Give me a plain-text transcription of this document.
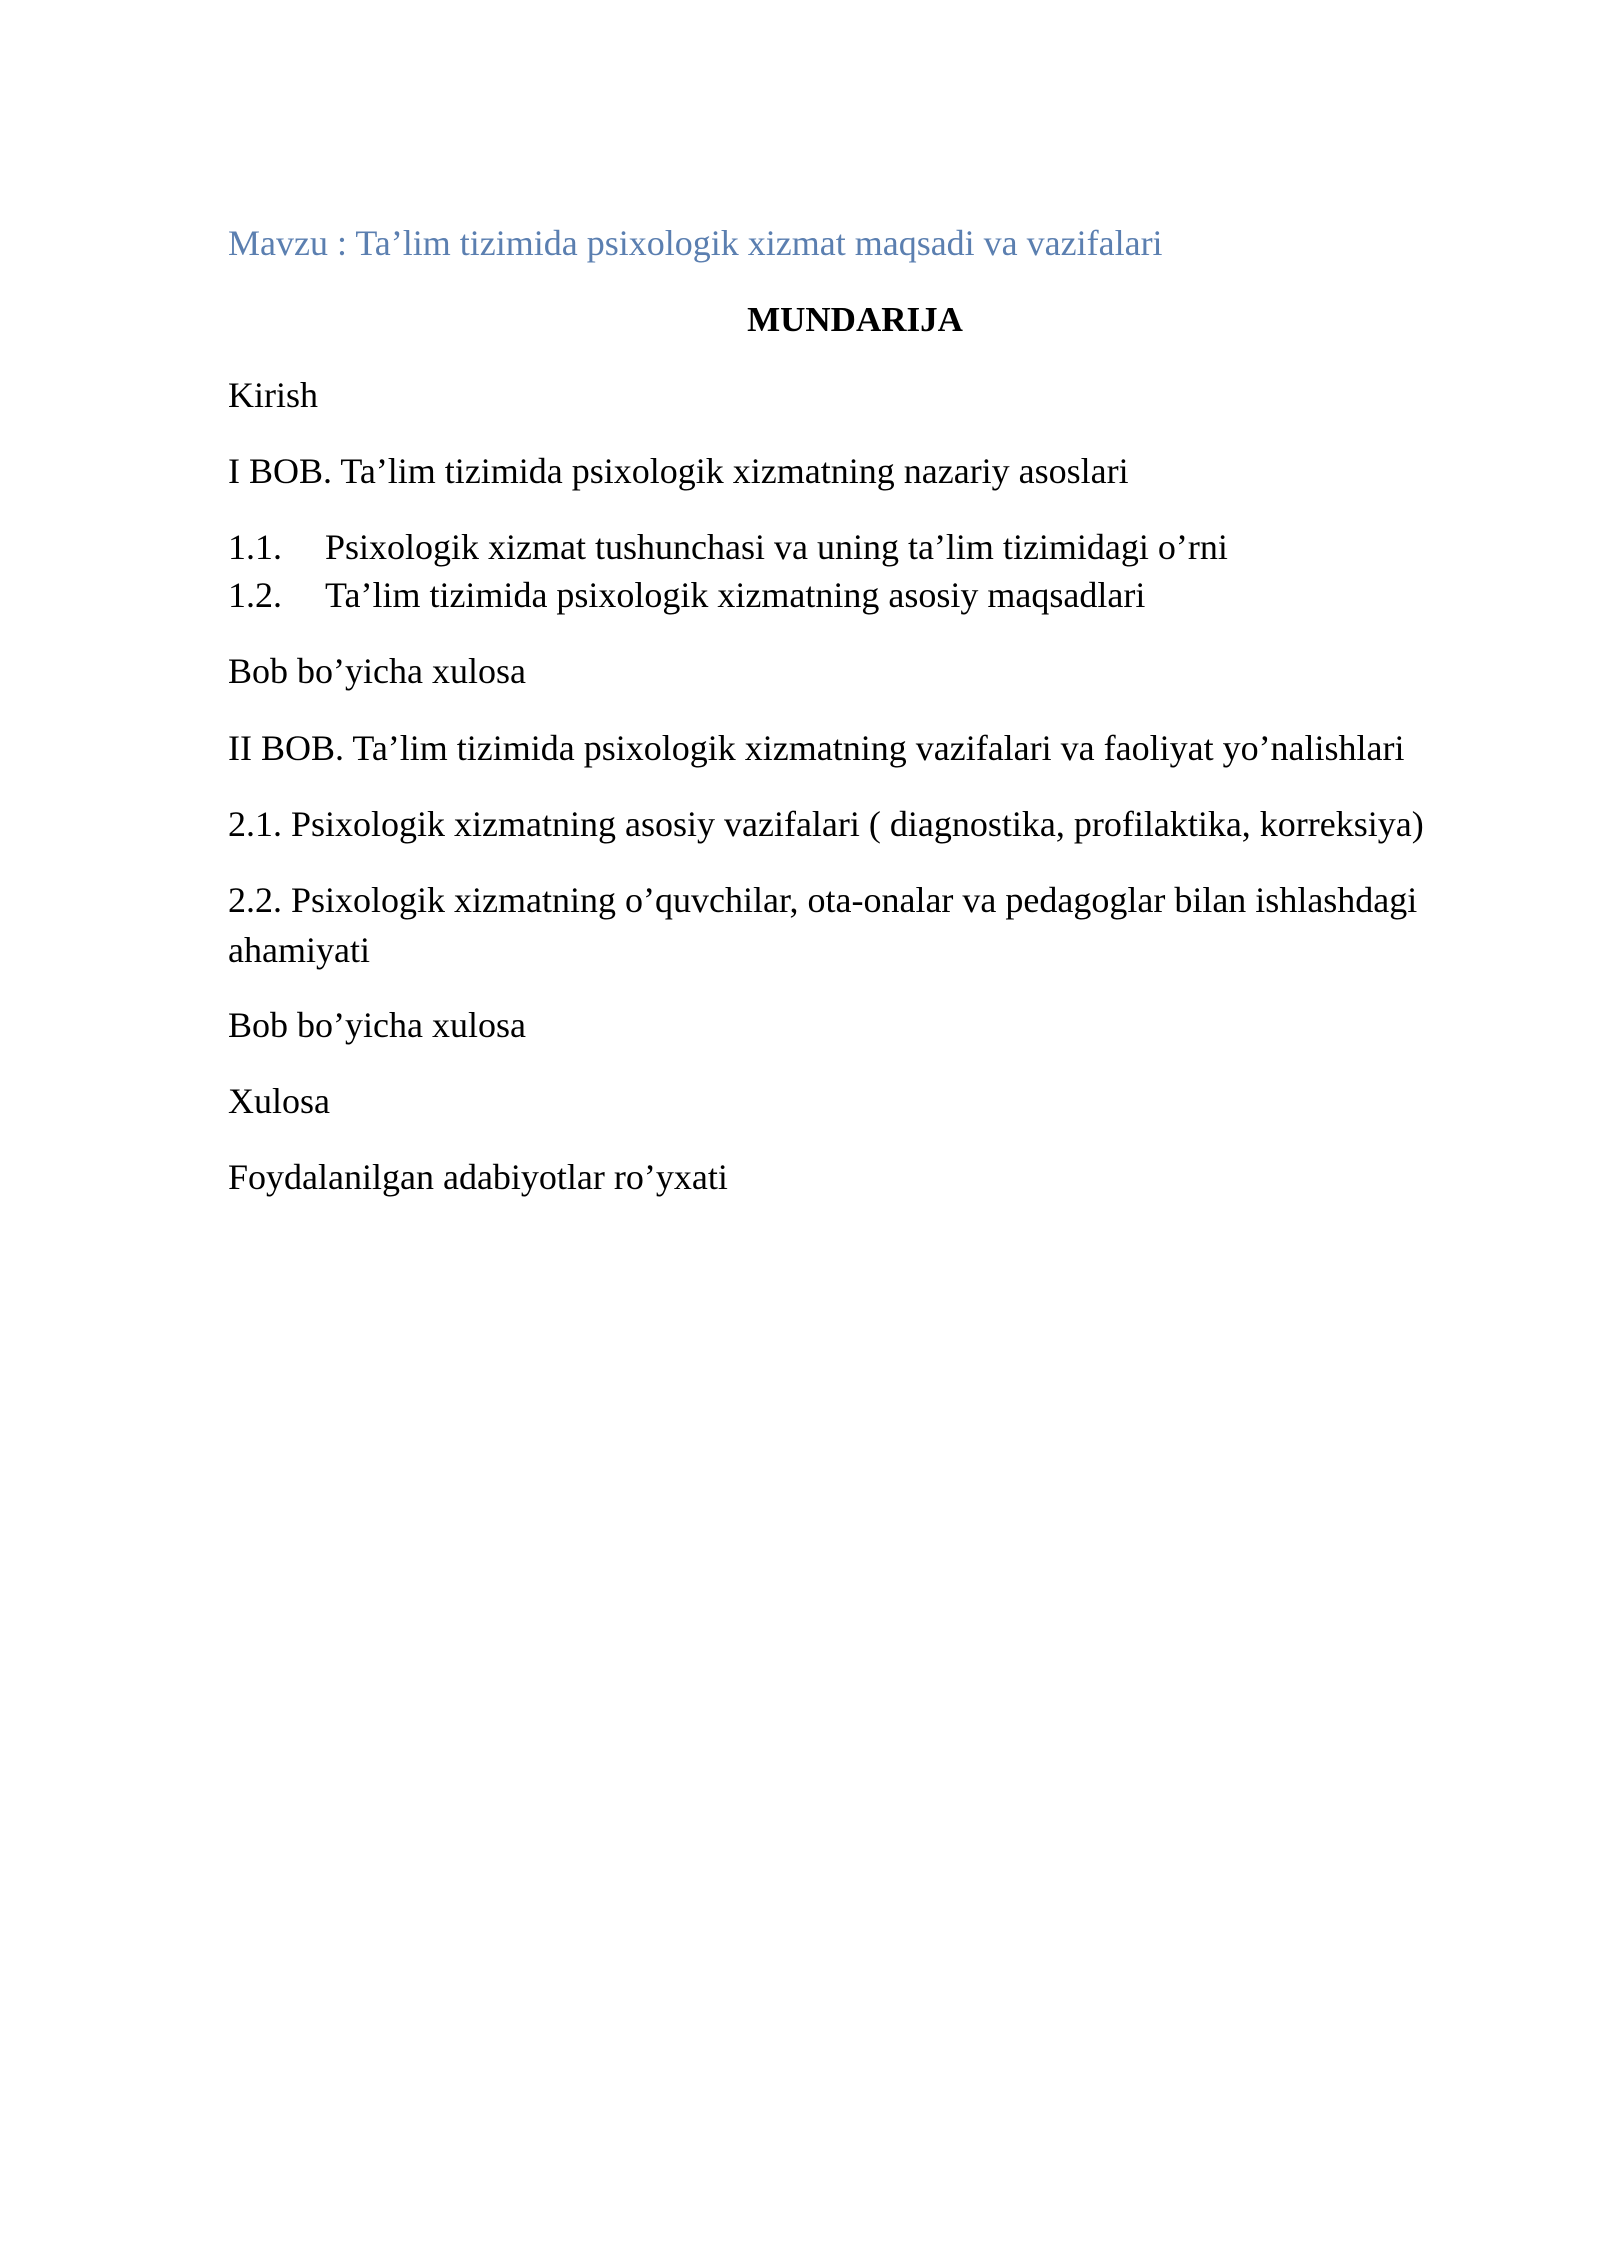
Mavzu : Ta’lim tizimida psixologik xizmat maqsadi va vazifalari
MUNDARIJA
Kirish
I BOB. Ta’lim tizimida psixologik xizmatning nazariy asoslari
1.1. Psixologik xizmat tushunchasi va uning ta’lim tizimidagi o’rni
1.2. Ta’lim tizimida psixologik xizmatning asosiy maqsadlari
Bob bo’yicha xulosa
II BOB. Ta’lim tizimida psixologik xizmatning vazifalari va faoliyat yo’nalishlari
2.1. Psixologik xizmatning asosiy vazifalari ( diagnostika, profilaktika, korreksiya)
2.2. Psixologik xizmatning o’quvchilar, ota-onalar va pedagoglar bilan ishlashdagi ahamiyati
Bob bo’yicha xulosa
Xulosa
Foydalanilgan adabiyotlar ro’yxati
